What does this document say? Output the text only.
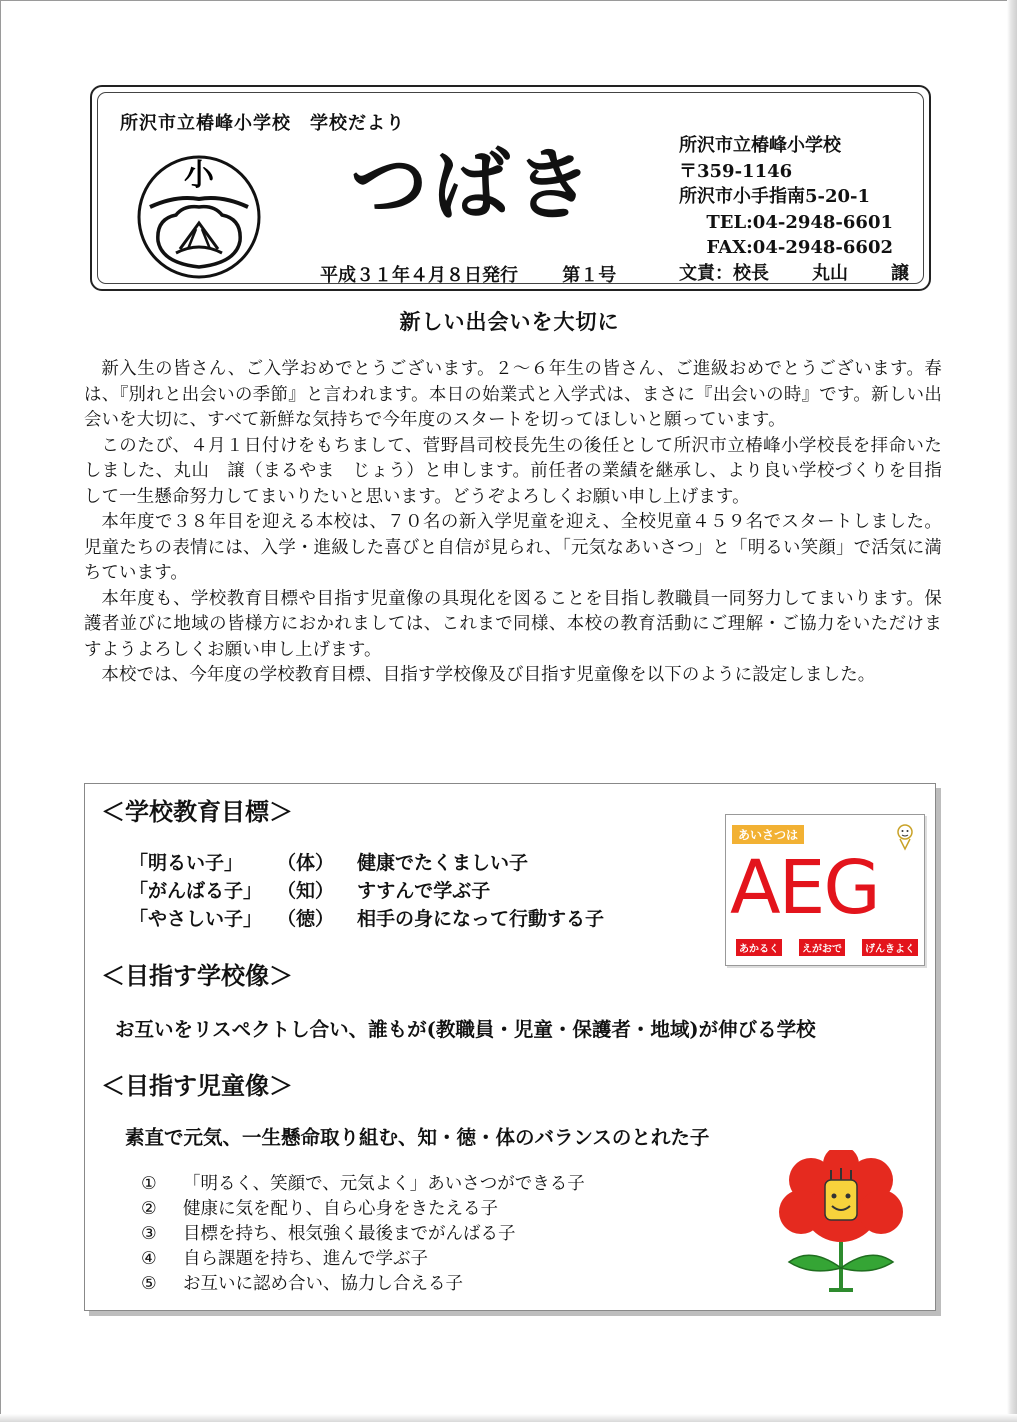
所沢市立椿峰小学校　学校だより
小 つばき
平成３１年４月８日発行 第１号
所沢市立椿峰小学校
〒359-1146
所沢市小手指南5-20-1
TEL:04-2948-6601
FAX:04-2948-6602
文責：校長 丸山 譲
新しい出会いを大切に

新入生の皆さん、ご入学おめでとうございます。２～６年生の皆さん、ご進級おめでとうございます。春は、『別れと出会いの季節』と言われます。本日の始業式と入学式は、まさに『出会いの時』です。新しい出会いを大切に、すべて新鮮な気持ちで今年度のスタートを切ってほしいと願っています。

このたび、４月１日付けをもちまして、菅野昌司校長先生の後任として所沢市立椿峰小学校長を拝命いたしました、丸山　譲（まるやま　じょう）と申します。前任者の業績を継承し、より良い学校づくりを目指して一生懸命努力してまいりたいと思います。どうぞよろしくお願い申し上げます。

本年度で３８年目を迎える本校は、７０名の新入学児童を迎え、全校児童４５９名でスタートしました。児童たちの表情には、入学・進級した喜びと自信が見られ、「元気なあいさつ」と「明るい笑顔」で活気に満ちています。

本年度も、学校教育目標や目指す児童像の具現化を図ることを目指し教職員一同努力してまいります。保護者並びに地域の皆様方におかれましては、これまで同様、本校の教育活動にご理解・ご協力をいただけますようよろしくお願い申し上げます。

本校では、今年度の学校教育目標、目指す学校像及び目指す児童像を以下のように設定しました。

＜学校教育目標＞
「明るい子」	（体）	健康でたくましい子
「がんばる子」 （知）	すすんで学ぶ子
「やさしい子」 （徳）	相手の身になって行動する子
あいさつは
AEG
あかるく	えがおで	げんきよく
＜目指す学校像＞
お互いをリスペクトし合い、誰もが(教職員・児童・保護者・地域)が伸びる学校
＜目指す児童像＞
素直で元気、一生懸命取り組む、知・徳・体のバランスのとれた子
① 「明るく、笑顔で、元気よく」あいさつができる子
② 健康に気を配り、自ら心身をきたえる子
③ 目標を持ち、根気強く最後までがんばる子
④ 自ら課題を持ち、進んで学ぶ子
⑤ お互いに認め合い、協力し合える子
